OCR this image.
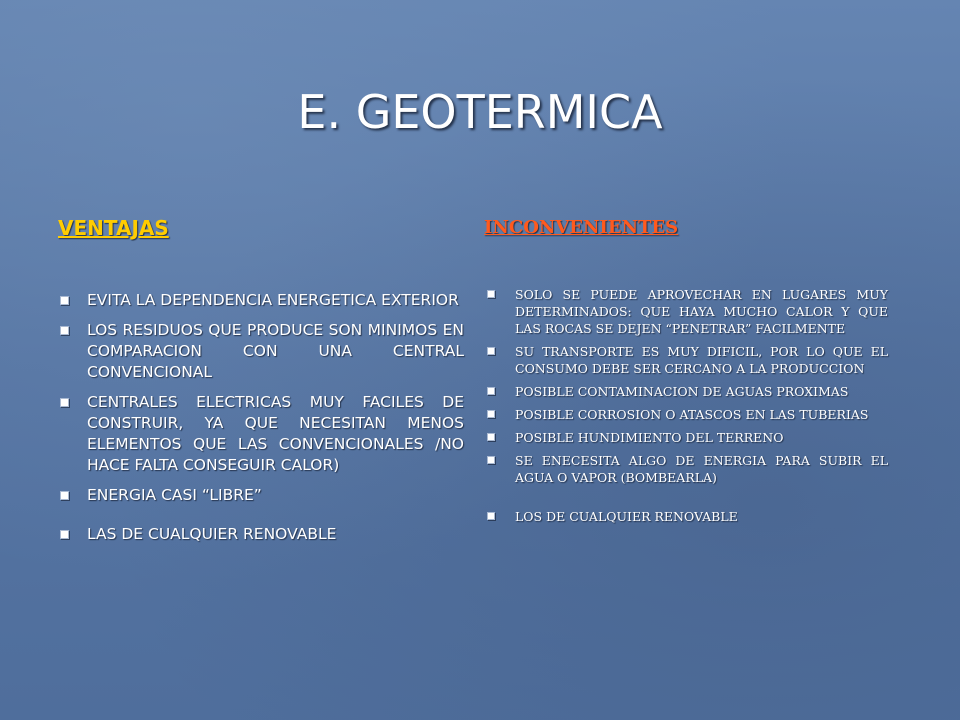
E. GEOTERMICA
VENTAJAS
EVITA LA DEPENDENCIA ENERGETICA EXTERIOR
LOS RESIDUOS QUE PRODUCE SON MINIMOS EN COMPARACION CON UNA CENTRAL CONVENCIONAL
CENTRALES ELECTRICAS MUY FACILES DE CONSTRUIR, YA QUE NECESITAN MENOS ELEMENTOS QUE LAS CONVENCIONALES /NO HACE FALTA CONSEGUIR CALOR)
ENERGIA CASI “LIBRE”
LAS DE CUALQUIER RENOVABLE
INCONVENIENTES
SOLO SE PUEDE APROVECHAR EN LUGARES MUY DETERMINADOS: QUE HAYA MUCHO CALOR Y QUE LAS ROCAS SE DEJEN “PENETRAR” FACILMENTE
SU TRANSPORTE ES MUY DIFICIL, POR LO QUE EL CONSUMO DEBE SER CERCANO A LA PRODUCCION
POSIBLE CONTAMINACION DE AGUAS PROXIMAS
POSIBLE CORROSION O ATASCOS EN LAS TUBERIAS
POSIBLE HUNDIMIENTO DEL TERRENO
SE ENECESITA ALGO DE ENERGIA PARA SUBIR EL AGUA O VAPOR (BOMBEARLA)
LOS DE CUALQUIER RENOVABLE
